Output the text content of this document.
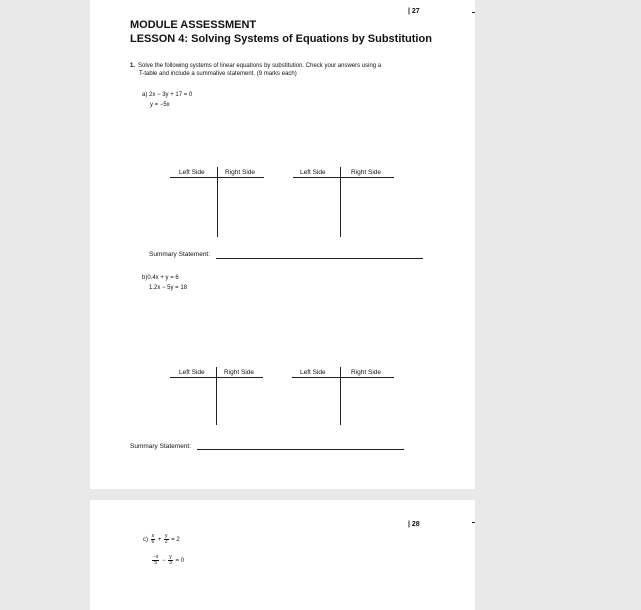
| 27
MODULE ASSESSMENT
LESSON 4: Solving Systems of Equations by Substitution
1. Solve the following systems of linear equations by substitution. Check your answers using a
T-table and include a summative statement. (9 marks each)
a) 2x − 3y + 17 = 0
y = −5x
Left Side	Right Side	Left Side	Right Side
Summary Statement:
b)0.4x + y = 6
1.2x − 5y = 18
Left Side	Right Side	Left Side	Right Side
Summary Statement:
| 28
$c) \frac{x}{6} + \frac{y}{2} = 2$
$\frac{-x}{5} - \frac{y}{3} = 0$
